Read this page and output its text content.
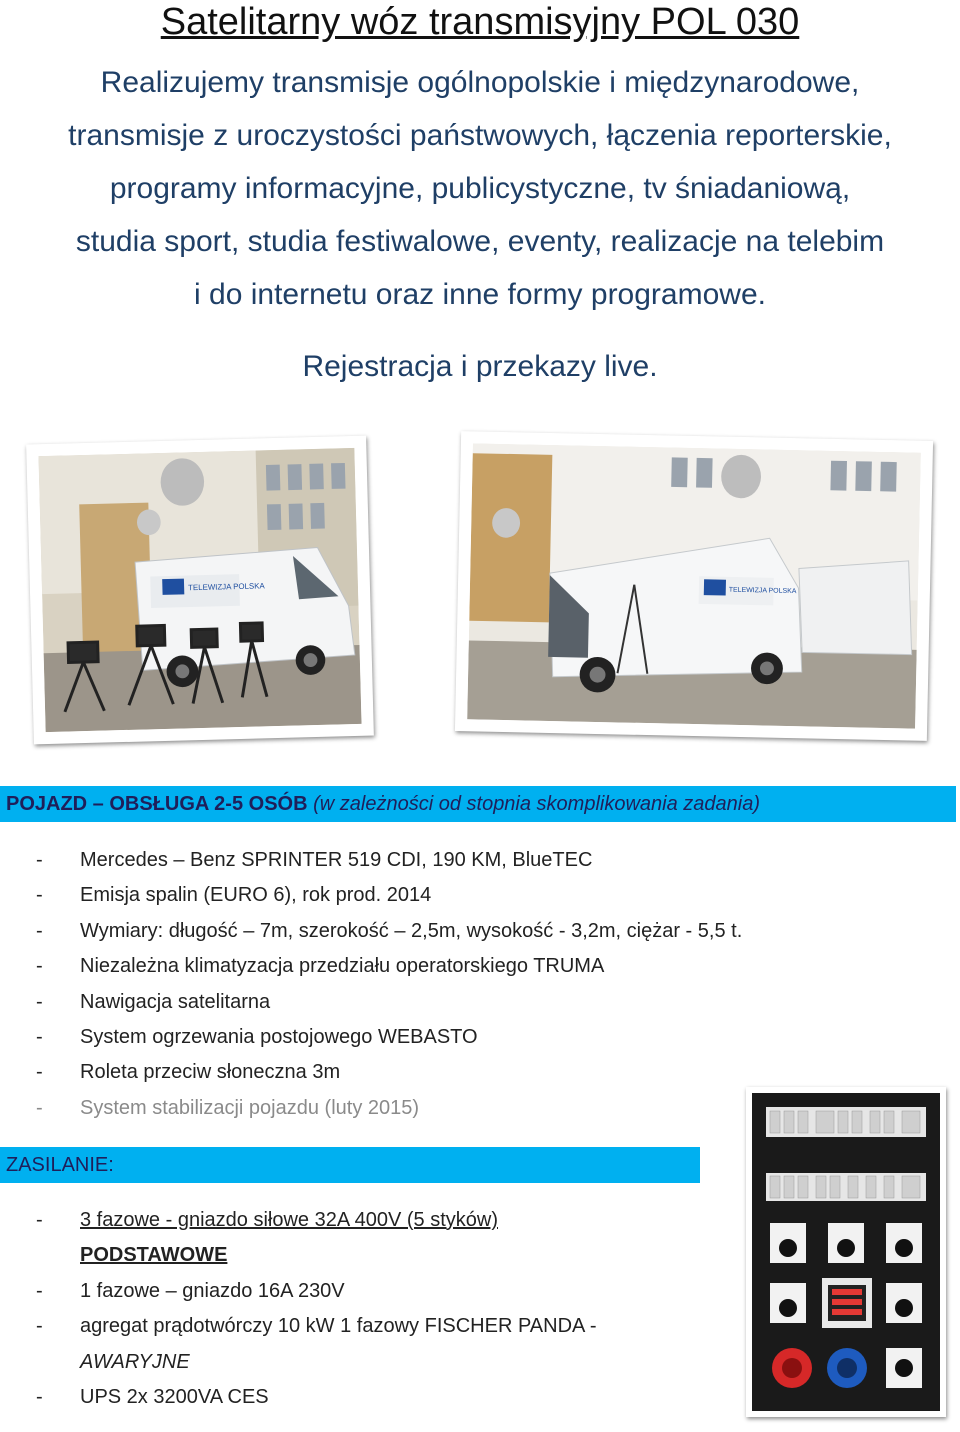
Satelitarny wóz transmisyjny POL 030
Realizujemy transmisje ogólnopolskie i międzynarodowe,
transmisje z uroczystości państwowych, łączenia reporterskie,
programy informacyjne, publicystyczne, tv śniadaniową,
studia sport, studia festiwalowe, eventy, realizacje na telebim
i do internetu oraz inne formy programowe.
Rejestracja i przekazy live.
TELEWIZJA POLSKA	TELEWIZJA POLSKA
POJAZD – OBSŁUGA 2-5 OSÓB (w zależności od stopnia skomplikowania zadania)
-	Mercedes – Benz SPRINTER 519 CDI, 190 KM, BlueTEC
-	Emisja spalin (EURO 6), rok prod. 2014
-	Wymiary: długość – 7m, szerokość – 2,5m, wysokość - 3,2m, ciężar - 5,5 t.
-	Niezależna klimatyzacja przedziału operatorskiego TRUMA
-	Nawigacja satelitarna
-	System ogrzewania postojowego WEBASTO
-	Roleta przeciw słoneczna 3m
-	System stabilizacji pojazdu (luty 2015)
ZASILANIE:
-	3 fazowe - gniazdo siłowe 32A 400V (5 styków)
PODSTAWOWE
-	1 fazowe – gniazdo 16A 230V
-	agregat prądotwórczy 10 kW 1 fazowy FISCHER PANDA -
AWARYJNE
-	UPS 2x 3200VA CES
